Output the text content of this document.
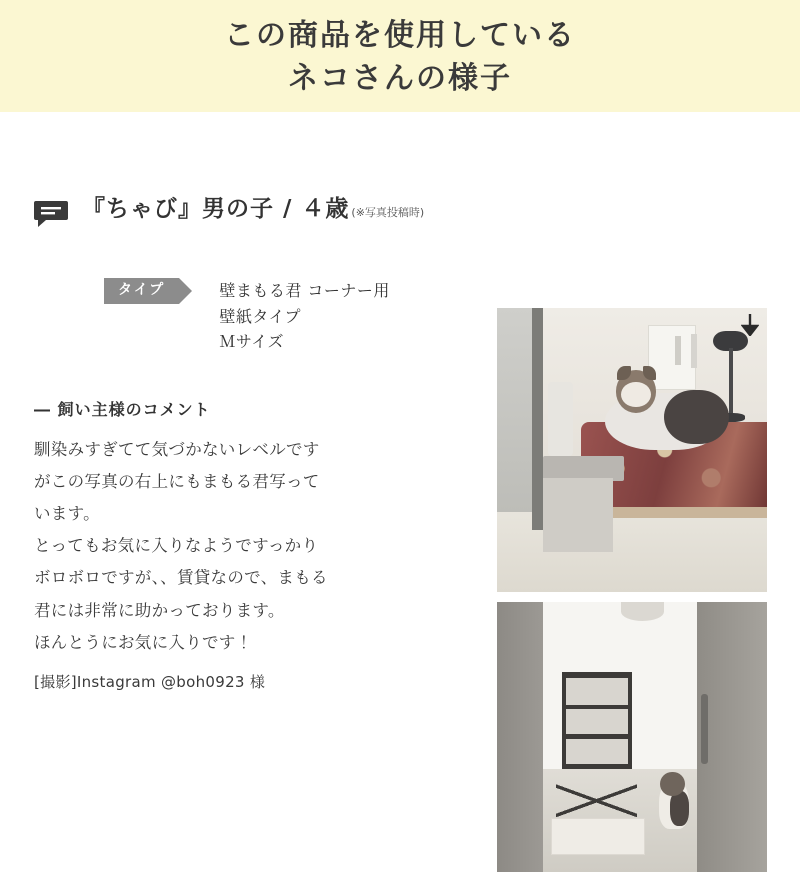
この商品を使用している
ネコさんの様子
『ちゃび』男の子 / ４歳 (※写真投稿時)
タイプ	壁まもる君 コーナー用
壁紙タイプ
Ｍサイズ
― 飼い主様のコメント
馴染みすぎてて気づかないレベルです
がこの写真の右上にもまもる君写って
います。
とってもお気に入りなようですっかり
ボロボロですが、、賃貸なので、まもる
君には非常に助かっております。
ほんとうにお気に入りです！
[撮影]Instagram @boh0923 様
